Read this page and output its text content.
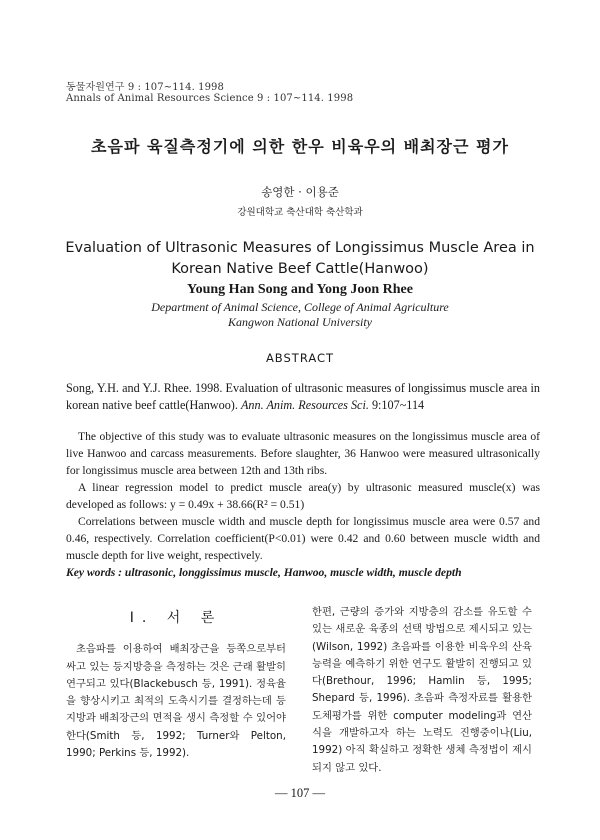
동물자원연구 9 : 107~114. 1998
Annals of Animal Resources Science 9 : 107~114. 1998
초음파 육질측정기에 의한 한우 비육우의 배최장근 평가
송영한 · 이용준
강원대학교 축산대학 축산학과
Evaluation of Ultrasonic Measures of Longissimus Muscle Area in Korean Native Beef Cattle(Hanwoo)
Young Han Song and Yong Joon Rhee
Department of Animal Science, College of Animal Agriculture
Kangwon National University
ABSTRACT
Song, Y.H. and Y.J. Rhee. 1998. Evaluation of ultrasonic measures of longissimus muscle area in korean native beef cattle(Hanwoo). Ann. Anim. Resources Sci. 9:107~114

The objective of this study was to evaluate ultrasonic measures on the longissimus muscle area of live Hanwoo and carcass measurements. Before slaughter, 36 Hanwoo were measured ultrasonically for longissimus muscle area between 12th and 13th ribs.

A linear regression model to predict muscle area(y) by ultrasonic measured muscle(x) was developed as follows: y = 0.49x + 38.66(R² = 0.51)

Correlations between muscle width and muscle depth for longissimus muscle area were 0.57 and 0.46, respectively. Correlation coefficient(P<0.01) were 0.42 and 0.60 between muscle width and muscle depth for live weight, respectively.

Key words : ultrasonic, longgissimus muscle, Hanwoo, muscle width, muscle depth
I. 서 론

초음파를 이용하여 배최장근을 등쪽으로부터 싸고 있는 등지방층을 측정하는 것은 근래 활발히 연구되고 있다(Blackebusch 등, 1991). 정육율을 향상시키고 최적의 도축시기를 결정하는데 등지방과 배최장근의 면적을 생시 측정할 수 있어야 한다(Smith 등, 1992; Turner와 Pelton, 1990; Perkins 등, 1992).

한편, 근량의 증가와 지방층의 감소를 유도할 수 있는 새로운 육종의 선택 방법으로 제시되고 있는(Wilson, 1992) 초음파를 이용한 비육우의 산육능력을 예측하기 위한 연구도 활발히 진행되고 있다(Brethour, 1996; Hamlin 등, 1995; Shepard 등, 1996). 초음파 측정자료를 활용한 도체평가를 위한 computer modeling과 연산식을 개발하고자 하는 노력도 진행중이나(Liu, 1992) 아직 확실하고 정확한 생체 측정법이 제시되지 않고 있다.

— 107 —
